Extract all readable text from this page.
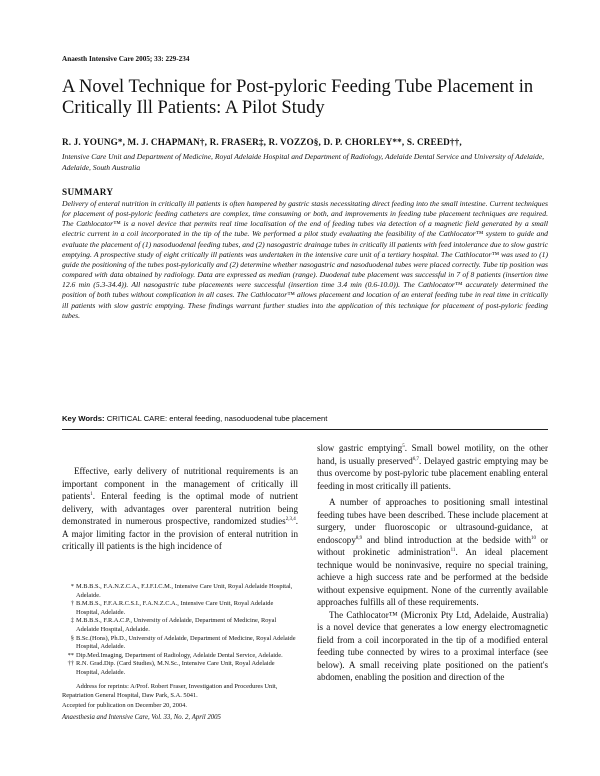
Anaesth Intensive Care 2005; 33: 229-234
A Novel Technique for Post-pyloric Feeding Tube Placement in Critically Ill Patients: A Pilot Study
R. J. YOUNG*, M. J. CHAPMAN†, R. FRASER‡, R. VOZZO§, D. P. CHORLEY**, S. CREED††,
Intensive Care Unit and Department of Medicine, Royal Adelaide Hospital and Department of Radiology, Adelaide Dental Service and University of Adelaide, Adelaide, South Australia
SUMMARY
Delivery of enteral nutrition in critically ill patients is often hampered by gastric stasis necessitating direct feeding into the small intestine. Current techniques for placement of post-pyloric feeding catheters are complex, time consuming or both, and improvements in feeding tube placement techniques are required. The Cathlocator™ is a novel device that permits real time localisation of the end of feeding tubes via detection of a magnetic field generated by a small electric current in a coil incorporated in the tip of the tube. We performed a pilot study evaluating the feasibility of the Cathlocator™ system to guide and evaluate the placement of (1) nasoduodenal feeding tubes, and (2) nasogastric drainage tubes in critically ill patients with feed intolerance due to slow gastric emptying. A prospective study of eight critically ill patients was undertaken in the intensive care unit of a tertiary hospital. The Cathlocator™ was used to (1) guide the positioning of the tubes post-pylorically and (2) determine whether nasogastric and nasoduodenal tubes were placed correctly. Tube tip position was compared with data obtained by radiology. Data are expressed as median (range). Duodenal tube placement was successful in 7 of 8 patients (insertion time 12.6 min (5.3-34.4)). All nasogastric tube placements were successful (insertion time 3.4 min (0.6-10.0)). The Cathlocator™ accurately determined the position of both tubes without complication in all cases. The Cathlocator™ allows placement and location of an enteral feeding tube in real time in critically ill patients with slow gastric emptying. These findings warrant further studies into the application of this technique for placement of post-pyloric feeding tubes.
Key Words: CRITICAL CARE: enteral feeding, nasoduodenal tube placement

Effective, early delivery of nutritional requirements is an important component in the management of critically ill patients$^1$. Enteral feeding is the optimal mode of nutrient delivery, with advantages over parenteral nutrition being demonstrated in numerous prospective, randomized studies$^{2,3,4}$. A major limiting factor in the provision of enteral nutrition in critically ill patients is the high incidence of

slow gastric emptying$^5$. Small bowel motility, on the other hand, is usually preserved$^{6,7}$. Delayed gastric emptying may be thus overcome by post-pyloric tube placement enabling enteral feeding in most critically ill patients.

A number of approaches to positioning small intestinal feeding tubes have been described. These include placement at surgery, under fluoroscopic or ultrasound-guidance, at endoscopy$^{8,9}$ and blind introduction at the bedside with$^{10}$ or without prokinetic administration$^{11}$. An ideal placement technique would be noninvasive, require no special training, achieve a high success rate and be performed at the bedside without expensive equipment. None of the currently available approaches fulfills all of these requirements.

The Cathlocator™ (Micronix Pty Ltd, Adelaide, Australia) is a novel device that generates a low energy electromagnetic field from a coil incorporated in the tip of a modified enteral feeding tube connected by wires to a proximal interface (see below). A small receiving plate positioned on the patient's abdomen, enabling the position and direction of the

* M.B.B.S., F.A.N.Z.C.A., F.J.F.I.C.M., Intensive Care Unit, Royal Adelaide Hospital, Adelaide.
† B.M.B.S., F.F.A.R.C.S.I., F.A.N.Z.C.A., Intensive Care Unit, Royal Adelaide Hospital, Adelaide.
‡ M.B.B.S., F.R.A.C.P., University of Adelaide, Department of Medicine, Royal Adelaide Hospital, Adelaide.
§ B.Sc.(Hons), Ph.D., University of Adelaide, Department of Medicine, Royal Adelaide Hospital, Adelaide.
** Dip.Med.Imaging, Department of Radiology, Adelaide Dental Service, Adelaide.
†† R.N. Grad.Dip. (Card Studies), M.N.Sc., Intensive Care Unit, Royal Adelaide Hospital, Adelaide.
Address for reprints: A/Prof. Robert Fraser, Investigation and Procedures Unit, Repatriation General Hospital, Daw Park, S.A. 5041.
Accepted for publication on December 20, 2004.
Anaesthesia and Intensive Care, Vol. 33, No. 2, April 2005
